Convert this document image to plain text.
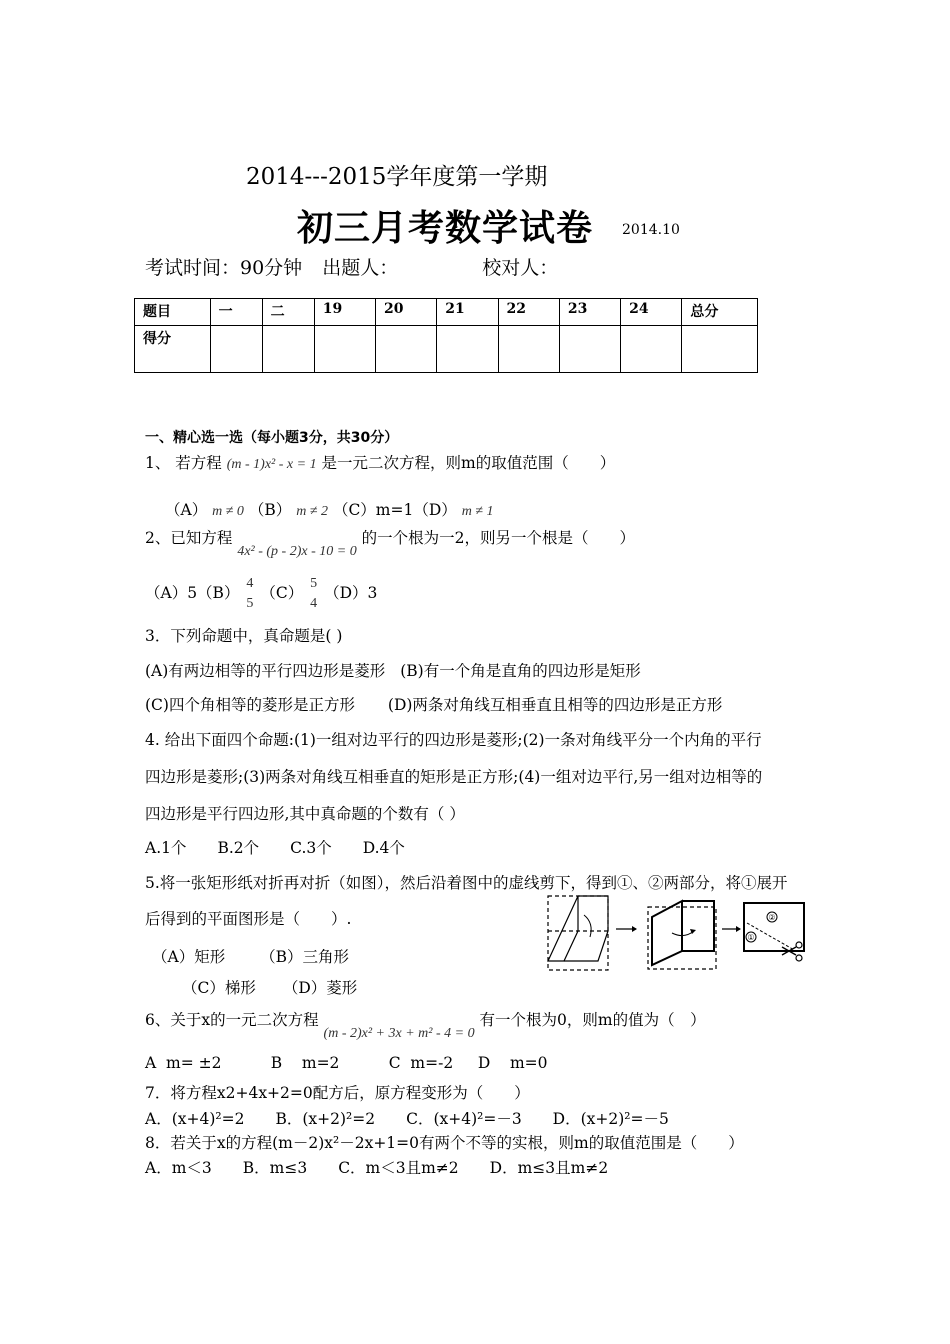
2014---2015学年度第一学期
初三月考数学试卷 2014.10
考试时间：90分钟 出题人：	校对人：
题目	一	二	19	20	21	22	23	24	总分
得分									
一、精心选一选（每小题3分，共30分）
1、 若方程 (m - 1)x² - x = 1 是一元二次方程，则m的取值范围（　　）
（A） m ≠ 0 （B） m ≠ 2 （C）m=1（D） m ≠ 1
2、已知方程 4x² - (p - 2)x - 10 = 0 的一个根为一2，则另一个根是（　　）
（A）5（B）
4
5
（C）
5
4
（D）3
3．下列命题中，真命题是( )
(A)有两边相等的平行四边形是菱形 (B)有一个角是直角的四边形是矩形
(C)四个角相等的菱形是正方形 (D)两条对角线互相垂直且相等的四边形是正方形
4. 给出下面四个命题:(1)一组对边平行的四边形是菱形;(2)一条对角线平分一个内角的平行
四边形是菱形;(3)两条对角线互相垂直的矩形是正方形;(4)一组对边平行,另一组对边相等的
四边形是平行四边形,其中真命题的个数有（ ）
A.1个　　B.2个　　C.3个　　D.4个
5.将一张矩形纸对折再对折（如图），然后沿着图中的虚线剪下，得到①、②两部分，将①展开
后得到的平面图形是（　　）.
（A）矩形 （B）三角形
（C）梯形 （D）菱形
②
①
6、关于x的一元二次方程 (m - 2)x² + 3x + m² - 4 = 0 有一个根为0，则m的值为（　）
A  m= ±2          B    m=2          C  m=-2     D    m=0
7．将方程x2+4x+2=0配方后，原方程变形为（　　）
A．(x+4)²=2　　B．(x+2)²=2　　C．(x+4)²=－3　　D．(x+2)²=－5
8．若关于x的方程(m－2)x²－2x+1=0有两个不等的实根，则m的取值范围是（　　）
A．m＜3　　B．m≤3　　C．m＜3且m≠2　　D．m≤3且m≠2
